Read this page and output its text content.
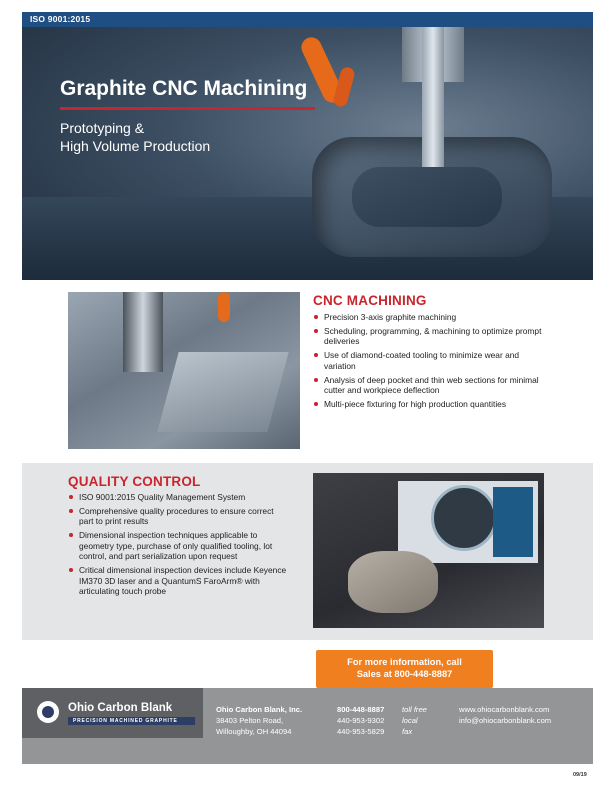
ISO 9001:2015
Graphite CNC Machining
Prototyping &
High Volume Production
CNC MACHINING
Precision 3-axis graphite machining
Scheduling, programming, & machining to optimize prompt deliveries
Use of diamond-coated tooling to minimize wear and variation
Analysis of deep pocket and thin web sections for minimal cutter and workpiece deflection
Multi-piece fixturing for high production quantities
QUALITY CONTROL
ISO 9001:2015 Quality Management System
Comprehensive quality procedures to ensure correct part to print results
Dimensional inspection techniques applicable to geometry type, purchase of only qualified tooling, lot control, and part serialization upon request
Critical dimensional inspection devices include Keyence IM370 3D laser and a QuantumS FaroArm® with articulating touch probe
For more information, call
Sales at 800-448-8887
Ohio Carbon Blank
PRECISION MACHINED GRAPHITE
Ohio Carbon Blank, Inc.
38403 Pelton Road,
Willoughby, OH 44094
800-448-8887
440-953-9302
440-953-5829
toll free
local
fax
www.ohiocarbonblank.com
info@ohiocarbonblank.com
09/19
